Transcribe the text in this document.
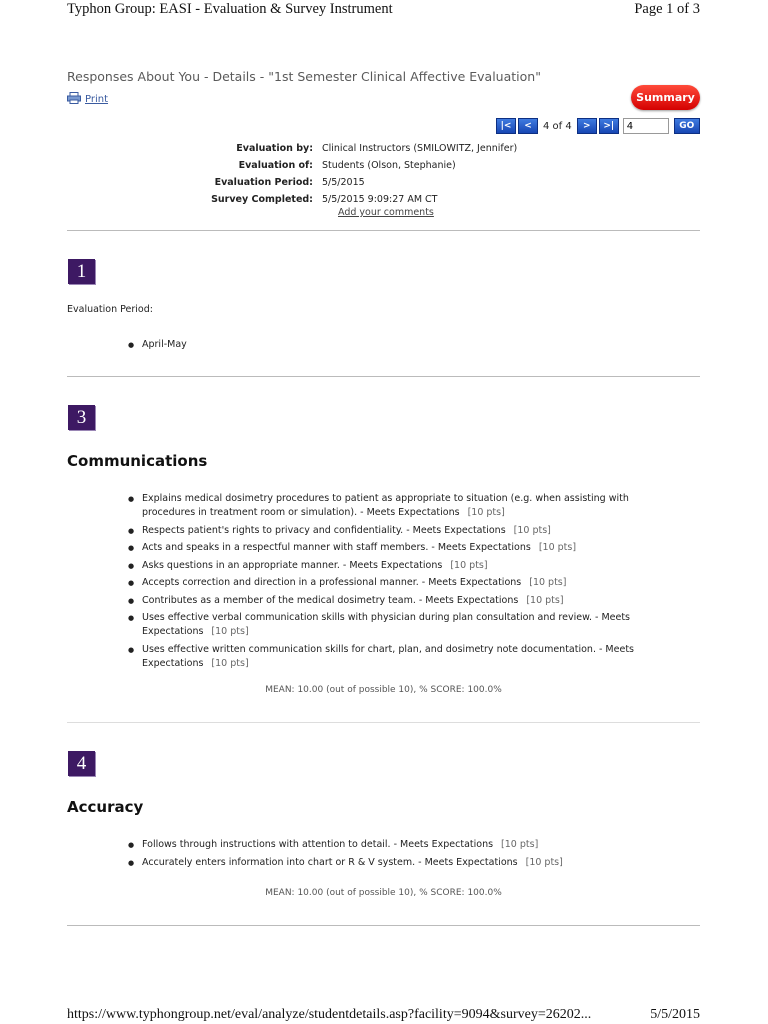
Typhon Group: EASI - Evaluation & Survey Instrument	Page 1 of 3
Responses About You - Details - "1st Semester Clinical Affective Evaluation"
Print	Summary
|<	<	4 of 4	>	>|
4	GO
Evaluation by: Clinical Instructors (SMILOWITZ, Jennifer)
Evaluation of: Students (Olson, Stephanie)
Evaluation Period: 5/5/2015
Survey Completed: 5/5/2015 9:09:27 AM CT
Add your comments
1
Evaluation Period:
● April-May
3
Communications
● Explains medical dosimetry procedures to patient as appropriate to situation (e.g. when assisting with procedures in treatment room or simulation). - Meets Expectations [10 pts]
● Respects patient's rights to privacy and confidentiality. - Meets Expectations [10 pts]
● Acts and speaks in a respectful manner with staff members. - Meets Expectations [10 pts]
● Asks questions in an appropriate manner. - Meets Expectations [10 pts]
● Accepts correction and direction in a professional manner. - Meets Expectations [10 pts]
● Contributes as a member of the medical dosimetry team. - Meets Expectations [10 pts]
● Uses effective verbal communication skills with physician during plan consultation and review. - Meets Expectations [10 pts]
● Uses effective written communication skills for chart, plan, and dosimetry note documentation. - Meets Expectations [10 pts]
MEAN: 10.00 (out of possible 10), % SCORE: 100.0%
4
Accuracy
● Follows through instructions with attention to detail. - Meets Expectations [10 pts]
● Accurately enters information into chart or R & V system. - Meets Expectations [10 pts]
MEAN: 10.00 (out of possible 10), % SCORE: 100.0%
https://www.typhongroup.net/eval/analyze/studentdetails.asp?facility=9094&survey=26202...	5/5/2015
